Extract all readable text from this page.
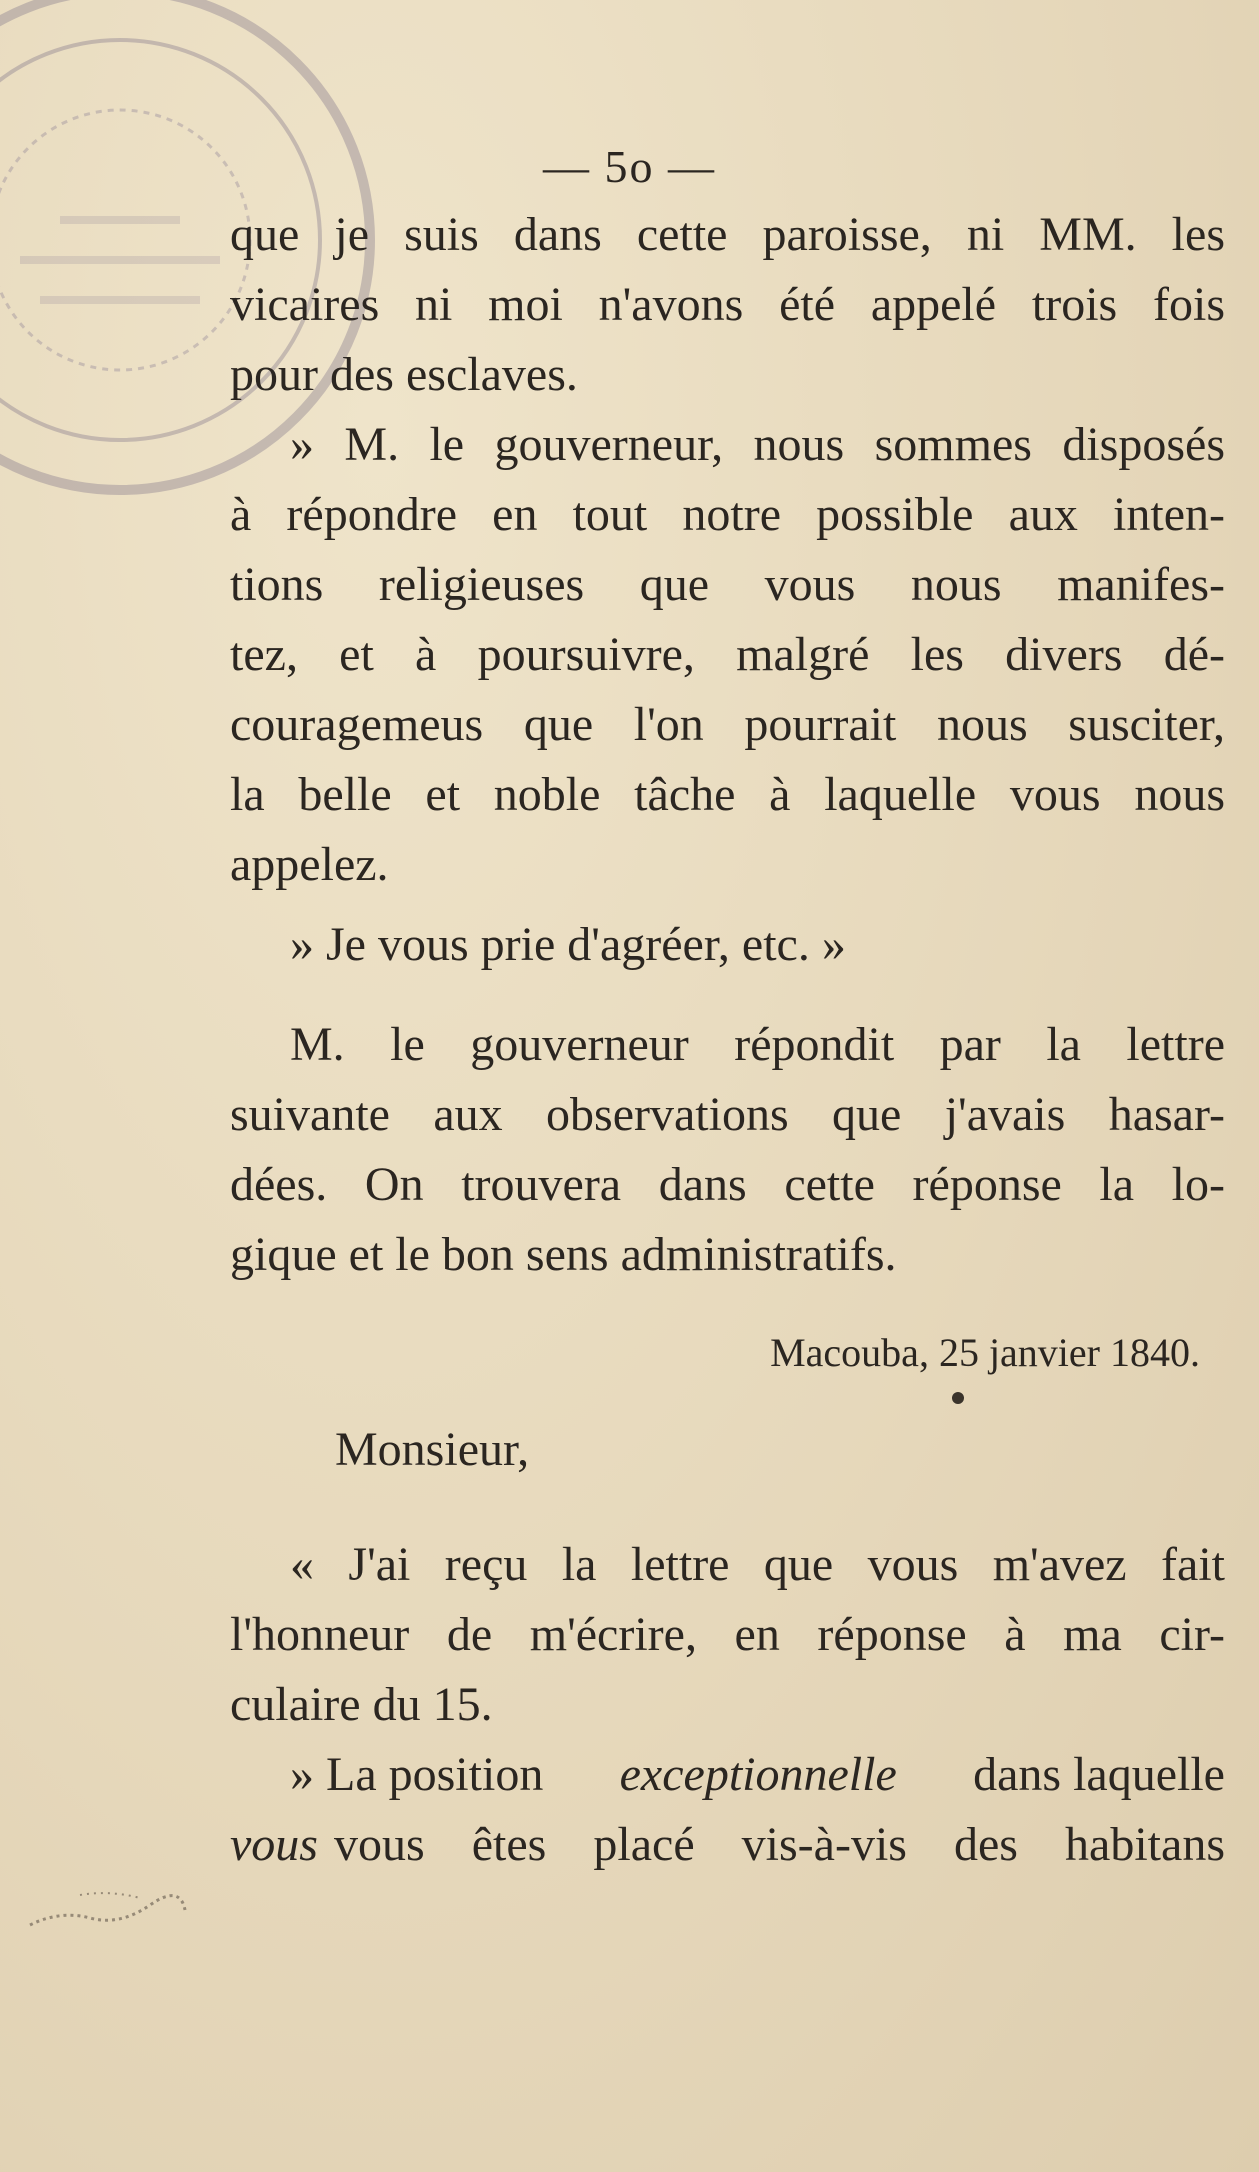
— 5o —
que je suis dans cette paroisse, ni MM. les
vicaires ni moi n'avons été appelé trois fois
pour des esclaves.
» M. le gouverneur, nous sommes disposés
à répondre en tout notre possible aux inten-
tions religieuses que vous nous manifes-
tez, et à poursuivre, malgré les divers dé-
couragemeus que l'on pourrait nous susciter,
la belle et noble tâche à laquelle vous nous
appelez.
» Je vous prie d'agréer, etc. »
M. le gouverneur répondit par la lettre
suivante aux observations que j'avais hasar-
dées. On trouvera dans cette réponse la lo-
gique et le bon sens administratifs.
Macouba, 25 janvier 1840.
Monsieur,
« J'ai reçu la lettre que vous m'avez fait
l'honneur de m'écrire, en réponse à ma cir-
culaire du 15.
» La position exceptionnelle dans laquelle
vous vous êtes placé vis-à-vis des habitans
